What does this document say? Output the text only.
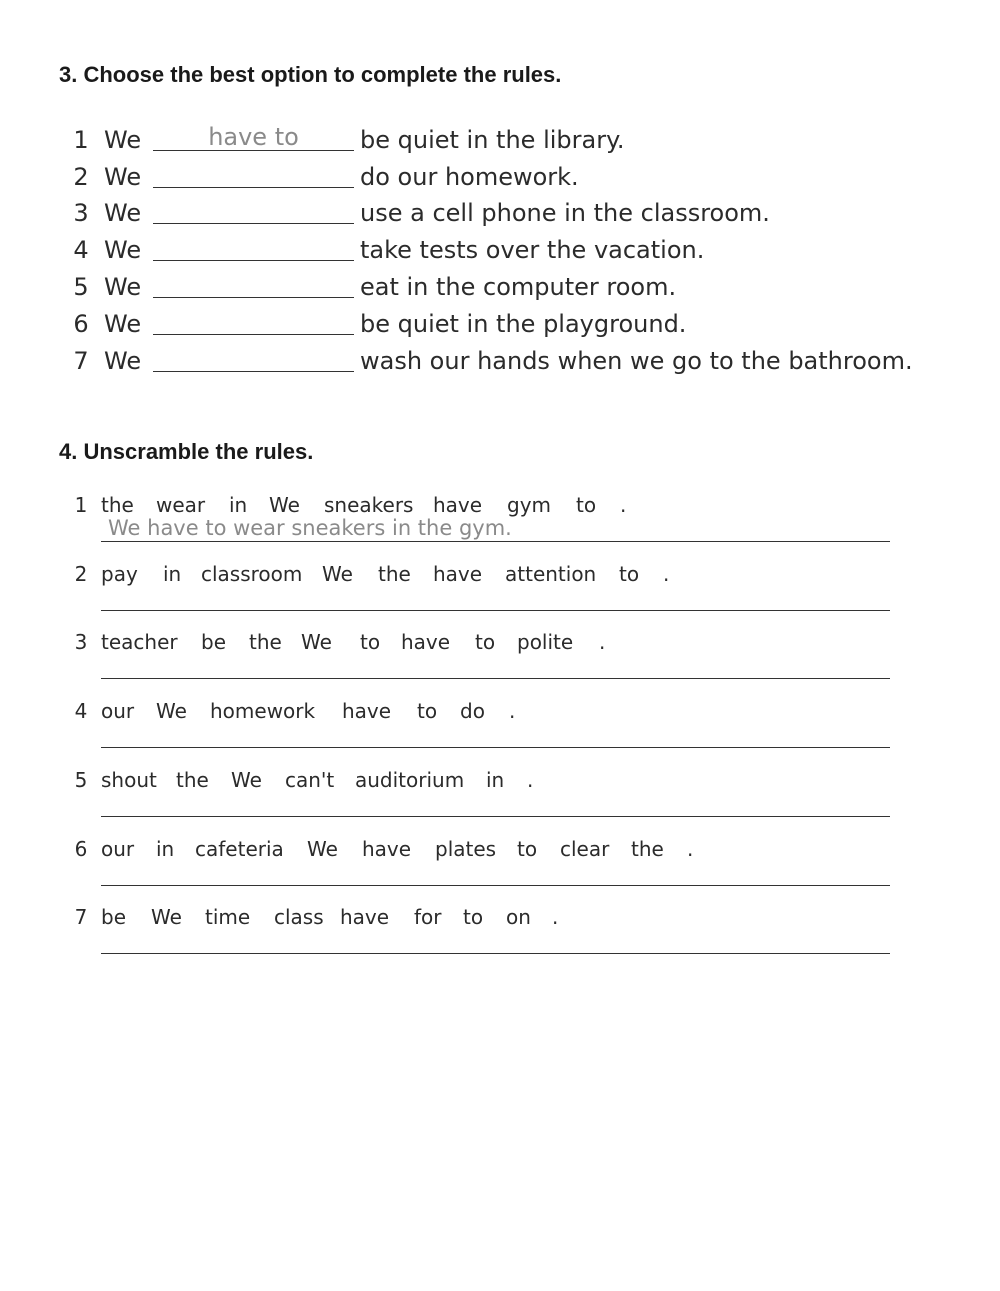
3. Choose the best option to complete the rules.
1 We	have to	be quiet in the library.
2 We	do our homework.
3 We	use a cell phone in the classroom.
4 We	take tests over the vacation.
5 We	eat in the computer room.
6 We	be quiet in the playground.
7 We	wash our hands when we go to the bathroom.
4. Unscramble the rules.
1 the wear in We sneakers have gym to .
We have to wear sneakers in the gym.
2 pay in classroom We the have attention to .
3 teacher be the We to have to polite .
4 our We homework have to do .
5 shout the We can't auditorium in .
6 our in cafeteria We have plates to clear the .
7 be We time class have for to on .
